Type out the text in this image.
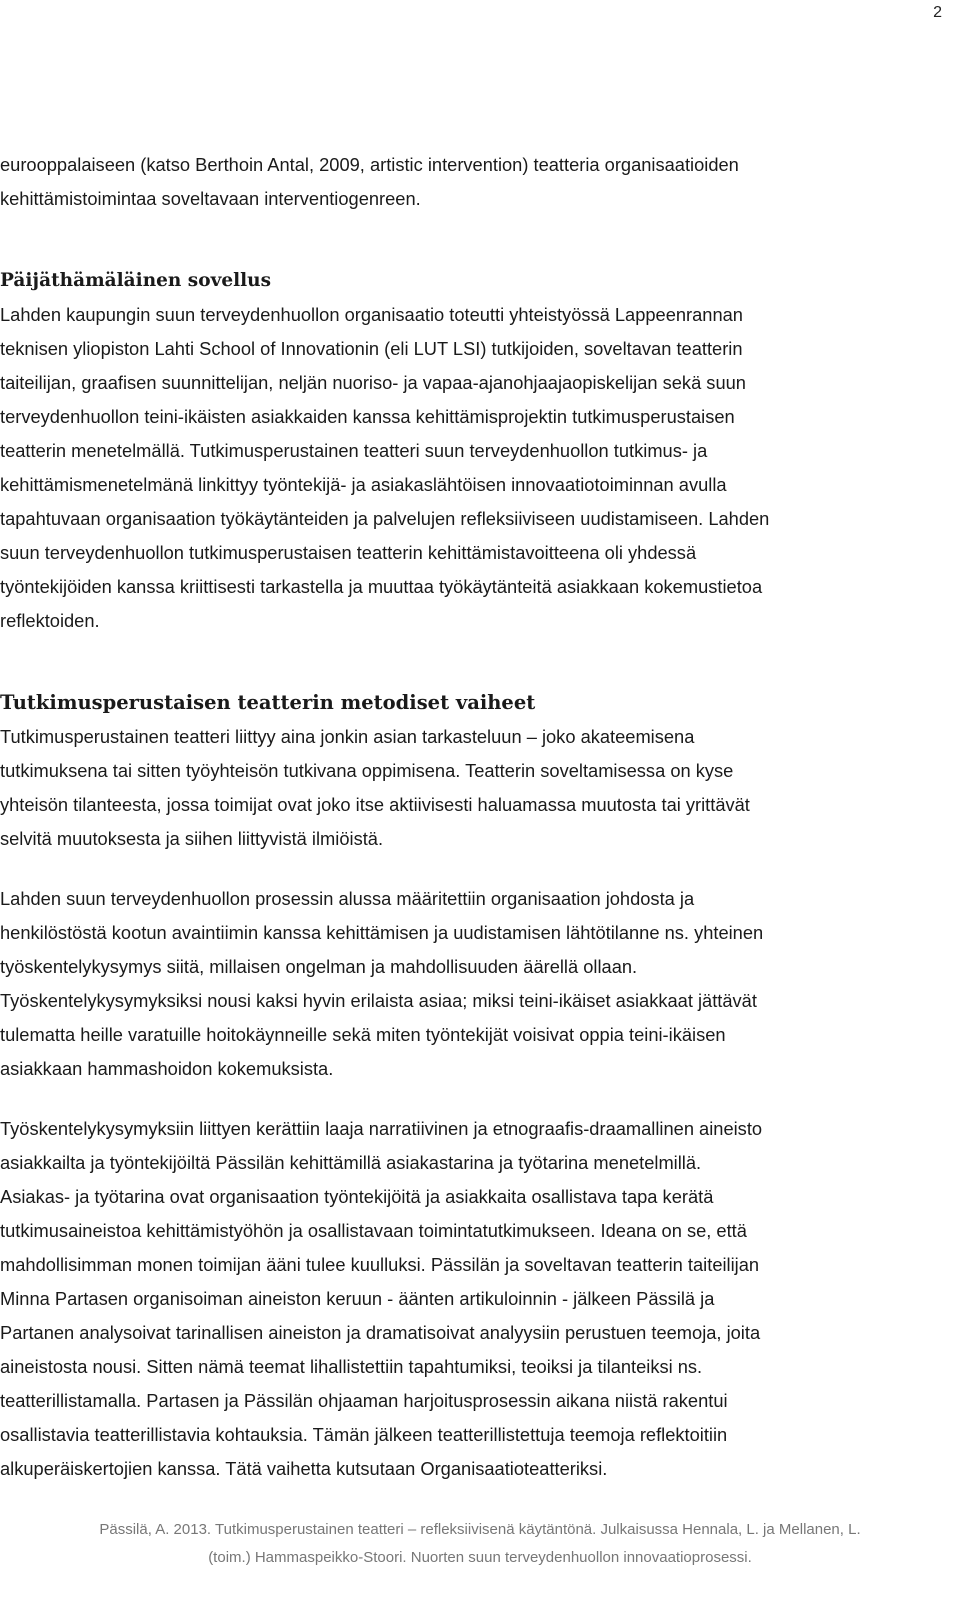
2

eurooppalaiseen (katso Berthoin Antal, 2009, artistic intervention) teatteria organisaatioiden
kehittämistoimintaa soveltavaan interventiogenreen.

Päijäthämäläinen sovellus

Lahden kaupungin suun terveydenhuollon organisaatio toteutti yhteistyössä Lappeenrannan
teknisen yliopiston Lahti School of Innovationin (eli LUT LSI) tutkijoiden, soveltavan teatterin
taiteilijan, graafisen suunnittelijan, neljän nuoriso- ja vapaa-ajanohjaajaopiskelijan sekä suun
terveydenhuollon teini-ikäisten asiakkaiden kanssa kehittämisprojektin tutkimusperustaisen
teatterin menetelmällä. Tutkimusperustainen teatteri suun terveydenhuollon tutkimus- ja
kehittämismenetelmänä linkittyy työntekijä- ja asiakaslähtöisen innovaatiotoiminnan avulla
tapahtuvaan organisaation työkäytänteiden ja palvelujen refleksiiviseen uudistamiseen. Lahden
suun terveydenhuollon tutkimusperustaisen teatterin kehittämistavoitteena oli yhdessä
työntekijöiden kanssa kriittisesti tarkastella ja muuttaa työkäytänteitä asiakkaan kokemustietoa
reflektoiden.

Tutkimusperustaisen teatterin metodiset vaiheet

Tutkimusperustainen teatteri liittyy aina jonkin asian tarkasteluun – joko akateemisena
tutkimuksena tai sitten työyhteisön tutkivana oppimisena. Teatterin soveltamisessa on kyse
yhteisön tilanteesta, jossa toimijat ovat joko itse aktiivisesti haluamassa muutosta tai yrittävät
selvitä muutoksesta ja siihen liittyvistä ilmiöistä.

Lahden suun terveydenhuollon prosessin alussa määritettiin organisaation johdosta ja
henkilöstöstä kootun avaintiimin kanssa kehittämisen ja uudistamisen lähtötilanne ns. yhteinen
työskentelykysymys siitä, millaisen ongelman ja mahdollisuuden äärellä ollaan.
Työskentelykysymyksiksi nousi kaksi hyvin erilaista asiaa; miksi teini-ikäiset asiakkaat jättävät
tulematta heille varatuille hoitokäynneille sekä miten työntekijät voisivat oppia teini-ikäisen
asiakkaan hammashoidon kokemuksista.

Työskentelykysymyksiin liittyen kerättiin laaja narratiivinen ja etnograafis-draamallinen aineisto
asiakkailta ja työntekijöiltä Pässilän kehittämillä asiakastarina ja työtarina menetelmillä.
Asiakas- ja työtarina ovat organisaation työntekijöitä ja asiakkaita osallistava tapa kerätä
tutkimusaineistoa kehittämistyöhön ja osallistavaan toimintatutkimukseen. Ideana on se, että
mahdollisimman monen toimijan ääni tulee kuulluksi. Pässilän ja soveltavan teatterin taiteilijan
Minna Partasen organisoiman aineiston keruun - äänten artikuloinnin - jälkeen Pässilä ja
Partanen analysoivat tarinallisen aineiston ja dramatisoivat analyysiin perustuen teemoja, joita
aineistosta nousi. Sitten nämä teemat lihallistettiin tapahtumiksi, teoiksi ja tilanteiksi ns.
teatterillistamalla. Partasen ja Pässilän ohjaaman harjoitusprosessin aikana niistä rakentui
osallistavia teatterillistavia kohtauksia. Tämän jälkeen teatterillistettuja teemoja reflektoitiin
alkuperäiskertojien kanssa. Tätä vaihetta kutsutaan Organisaatioteatteriksi.

Pässilä, A. 2013. Tutkimusperustainen teatteri – refleksiivisenä käytäntönä. Julkaisussa Hennala, L. ja Mellanen, L.
(toim.) Hammaspeikko-Stoori. Nuorten suun terveydenhuollon innovaatioprosessi.
